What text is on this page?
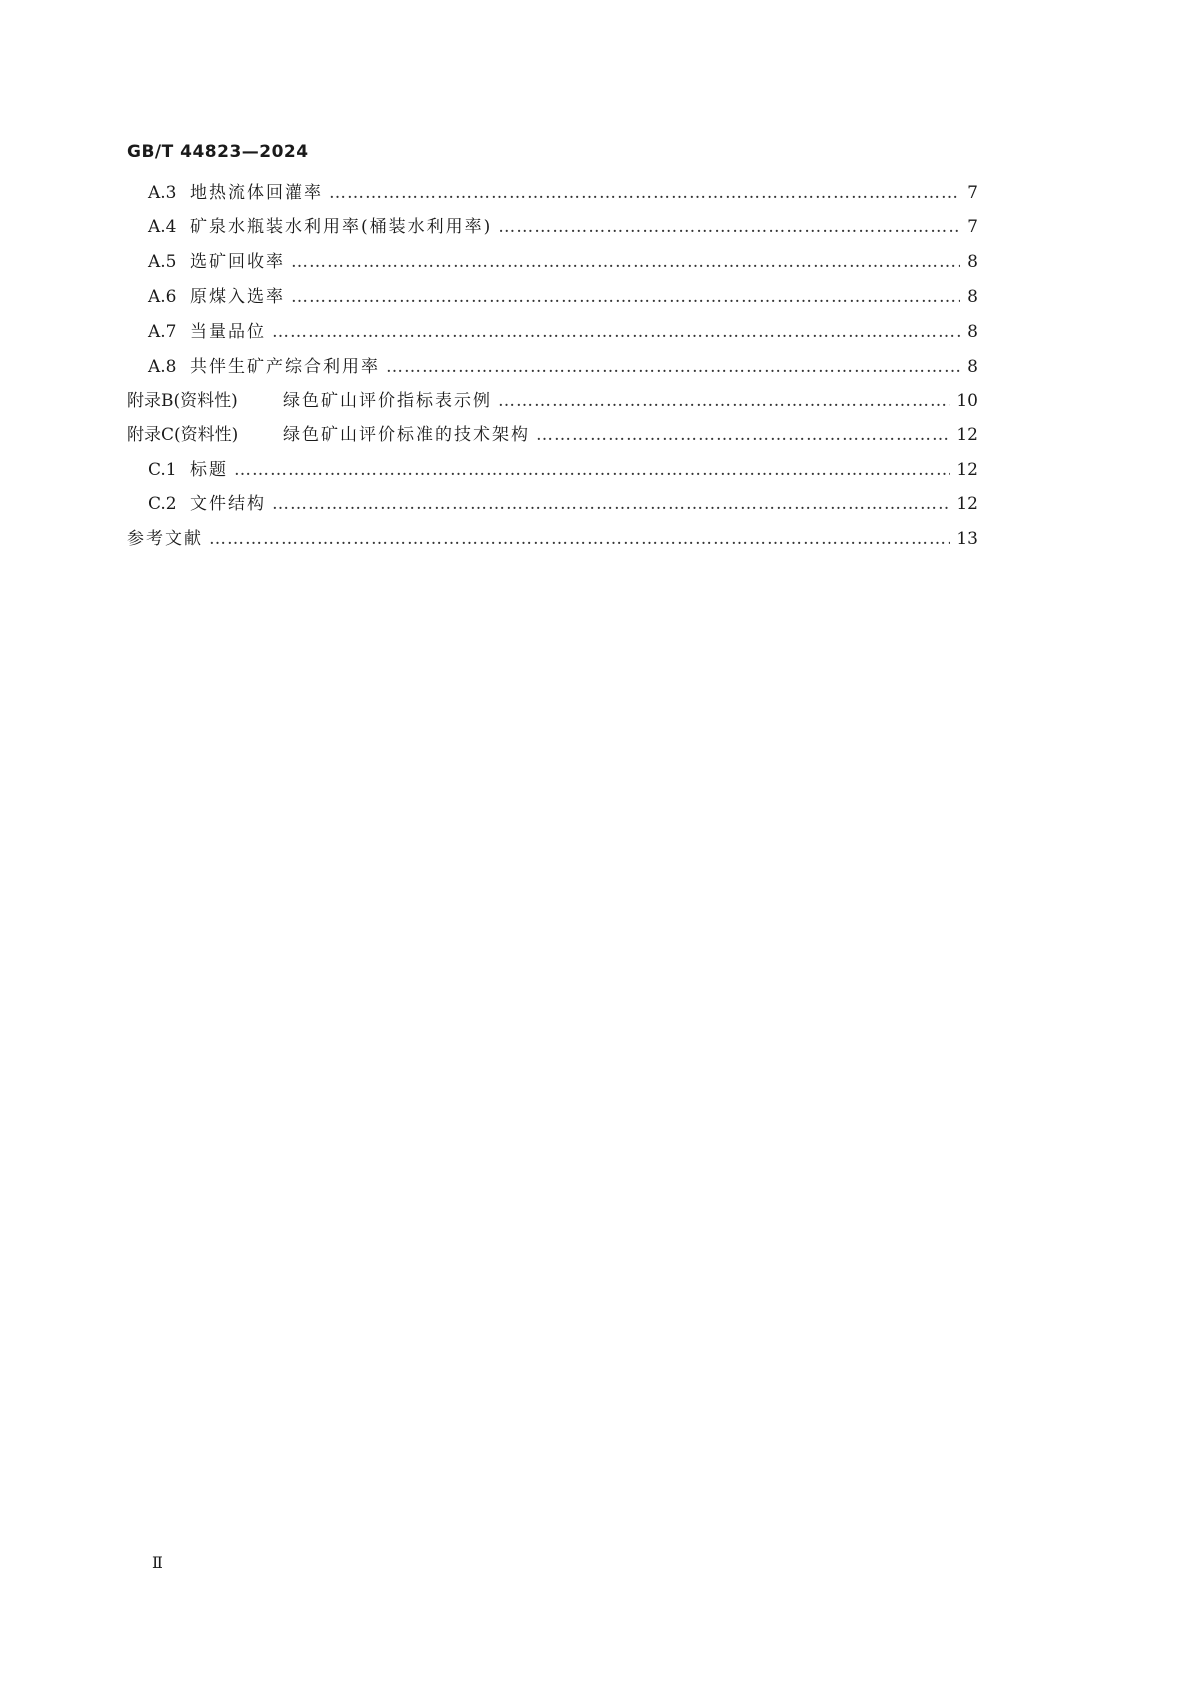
GB/T 44823—2024
A.3 地热流体回灌率 ……………………………………………………………………………………………………………………………………………………………………………………………………………………………………	7
A.4 矿泉水瓶装水利用率(桶装水利用率) ……………………………………………………………………………………………………………………………………………………………………………………………………………………………………	7
A.5 选矿回收率 ……………………………………………………………………………………………………………………………………………………………………………………………………………………………………	8
A.6 原煤入选率 ……………………………………………………………………………………………………………………………………………………………………………………………………………………………………	8
A.7 当量品位 ……………………………………………………………………………………………………………………………………………………………………………………………………………………………………	8
A.8 共伴生矿产综合利用率 ……………………………………………………………………………………………………………………………………………………………………………………………………………………………………	8
附录B(资料性)	绿色矿山评价指标表示例 ……………………………………………………………………………………………………………………………………………………………………………………………………………………………………	10
附录C(资料性)	绿色矿山评价标准的技术架构 ……………………………………………………………………………………………………………………………………………………………………………………………………………………………………	12
C.1 标题 ……………………………………………………………………………………………………………………………………………………………………………………………………………………………………	12
C.2 文件结构 ……………………………………………………………………………………………………………………………………………………………………………………………………………………………………	12
参考文献 ……………………………………………………………………………………………………………………………………………………………………………………………………………………………………	13
Ⅱ
